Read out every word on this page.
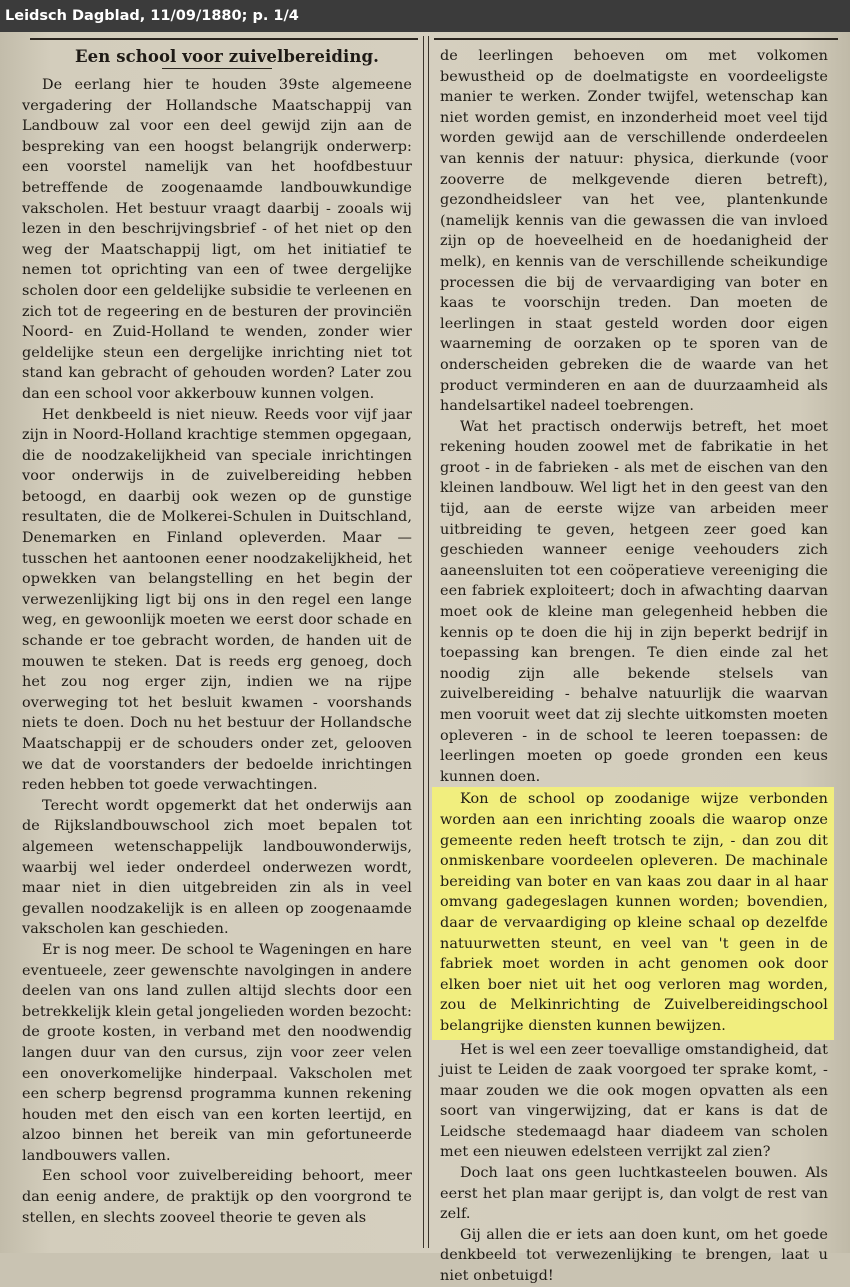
Leidsch Dagblad, 11/09/1880; p. 1/4

Een school voor zuivelbereiding.

De eerlang hier te houden 39ste algemeene vergadering der Hollandsche Maatschappij van Landbouw zal voor een deel gewijd zijn aan de bespreking van een hoogst belangrijk onderwerp: een voorstel namelijk van het hoofdbestuur betreffende de zoogenaamde landbouwkundige vakscholen. Het bestuur vraagt daarbij - zooals wij lezen in den beschrijvingsbrief - of het niet op den weg der Maatschappij ligt, om het initiatief te nemen tot oprichting van een of twee dergelijke scholen door een geldelijke subsidie te verleenen en zich tot de regeering en de besturen der provinciën Noord- en Zuid-Holland te wenden, zonder wier geldelijke steun een dergelijke inrichting niet tot stand kan gebracht of gehouden worden? Later zou dan een school voor akkerbouw kunnen volgen.

Het denkbeeld is niet nieuw. Reeds voor vijf jaar zijn in Noord-Holland krachtige stemmen opgegaan, die de noodzakelijkheid van speciale inrichtingen voor onderwijs in de zuivelbereiding hebben betoogd, en daarbij ook wezen op de gunstige resultaten, die de Molkerei-Schulen in Duitschland, Denemarken en Finland opleverden. Maar — tusschen het aantoonen eener noodzakelijkheid, het opwekken van belangstelling en het begin der verwezenlijking ligt bij ons in den regel een lange weg, en gewoonlijk moeten we eerst door schade en schande er toe gebracht worden, de handen uit de mouwen te steken. Dat is reeds erg genoeg, doch het zou nog erger zijn, indien we na rijpe overweging tot het besluit kwamen - voorshands niets te doen. Doch nu het bestuur der Hollandsche Maatschappij er de schouders onder zet, gelooven we dat de voorstanders der bedoelde inrichtingen reden hebben tot goede verwachtingen.

Terecht wordt opgemerkt dat het onderwijs aan de Rijkslandbouwschool zich moet bepalen tot algemeen wetenschappelijk landbouwonderwijs, waarbij wel ieder onderdeel onderwezen wordt, maar niet in dien uitgebreiden zin als in veel gevallen noodzakelijk is en alleen op zoogenaamde vakscholen kan geschieden.

Er is nog meer. De school te Wageningen en hare eventueele, zeer gewenschte navolgingen in andere deelen van ons land zullen altijd slechts door een betrekkelijk klein getal jongelieden worden bezocht: de groote kosten, in verband met den noodwendig langen duur van den cursus, zijn voor zeer velen een onoverkomelijke hinderpaal. Vakscholen met een scherp begrensd programma kunnen rekening houden met den eisch van een korten leertijd, en alzoo binnen het bereik van min gefortuneerde landbouwers vallen.

Een school voor zuivelbereiding behoort, meer dan eenig andere, de praktijk op den voorgrond te stellen, en slechts zooveel theorie te geven als

de leerlingen behoeven om met volkomen bewustheid op de doelmatigste en voordeeligste manier te werken. Zonder twijfel, wetenschap kan niet worden gemist, en inzonderheid moet veel tijd worden gewijd aan de verschillende onderdeelen van kennis der natuur: physica, dierkunde (voor zooverre de melkgevende dieren betreft), gezondheidsleer van het vee, plantenkunde (namelijk kennis van die gewassen die van invloed zijn op de hoeveelheid en de hoedanigheid der melk), en kennis van de verschillende scheikundige processen die bij de vervaardiging van boter en kaas te voorschijn treden. Dan moeten de leerlingen in staat gesteld worden door eigen waarneming de oorzaken op te sporen van de onderscheiden gebreken die de waarde van het product verminderen en aan de duurzaamheid als handelsartikel nadeel toebrengen.

Wat het practisch onderwijs betreft, het moet rekening houden zoowel met de fabrikatie in het groot - in de fabrieken - als met de eischen van den kleinen landbouw. Wel ligt het in den geest van den tijd, aan de eerste wijze van arbeiden meer uitbreiding te geven, hetgeen zeer goed kan geschieden wanneer eenige veehouders zich aaneensluiten tot een coöperatieve vereeniging die een fabriek exploiteert; doch in afwachting daarvan moet ook de kleine man gelegenheid hebben die kennis op te doen die hij in zijn beperkt bedrijf in toepassing kan brengen. Te dien einde zal het noodig zijn alle bekende stelsels van zuivelbereiding - behalve natuurlijk die waarvan men vooruit weet dat zij slechte uitkomsten moeten opleveren - in de school te leeren toepassen: de leerlingen moeten op goede gronden een keus kunnen doen.

Kon de school op zoodanige wijze verbonden worden aan een inrichting zooals die waarop onze gemeente reden heeft trotsch te zijn, - dan zou dit onmiskenbare voordeelen opleveren. De machinale bereiding van boter en van kaas zou daar in al haar omvang gadegeslagen kunnen worden; bovendien, daar de vervaardiging op kleine schaal op dezelfde natuurwetten steunt, en veel van 't geen in de fabriek moet worden in acht genomen ook door elken boer niet uit het oog verloren mag worden, zou de Melkinrichting de Zuivelbereidingschool belangrijke diensten kunnen bewijzen.

Het is wel een zeer toevallige omstandigheid, dat juist te Leiden de zaak voorgoed ter sprake komt, - maar zouden we die ook mogen opvatten als een soort van vingerwijzing, dat er kans is dat de Leidsche stedemaagd haar diadeem van scholen met een nieuwen edelsteen verrijkt zal zien?

Doch laat ons geen luchtkasteelen bouwen. Als eerst het plan maar gerijpt is, dan volgt de rest van zelf.

Gij allen die er iets aan doen kunt, om het goede denkbeeld tot verwezenlijking te brengen, laat u niet onbetuigd!
